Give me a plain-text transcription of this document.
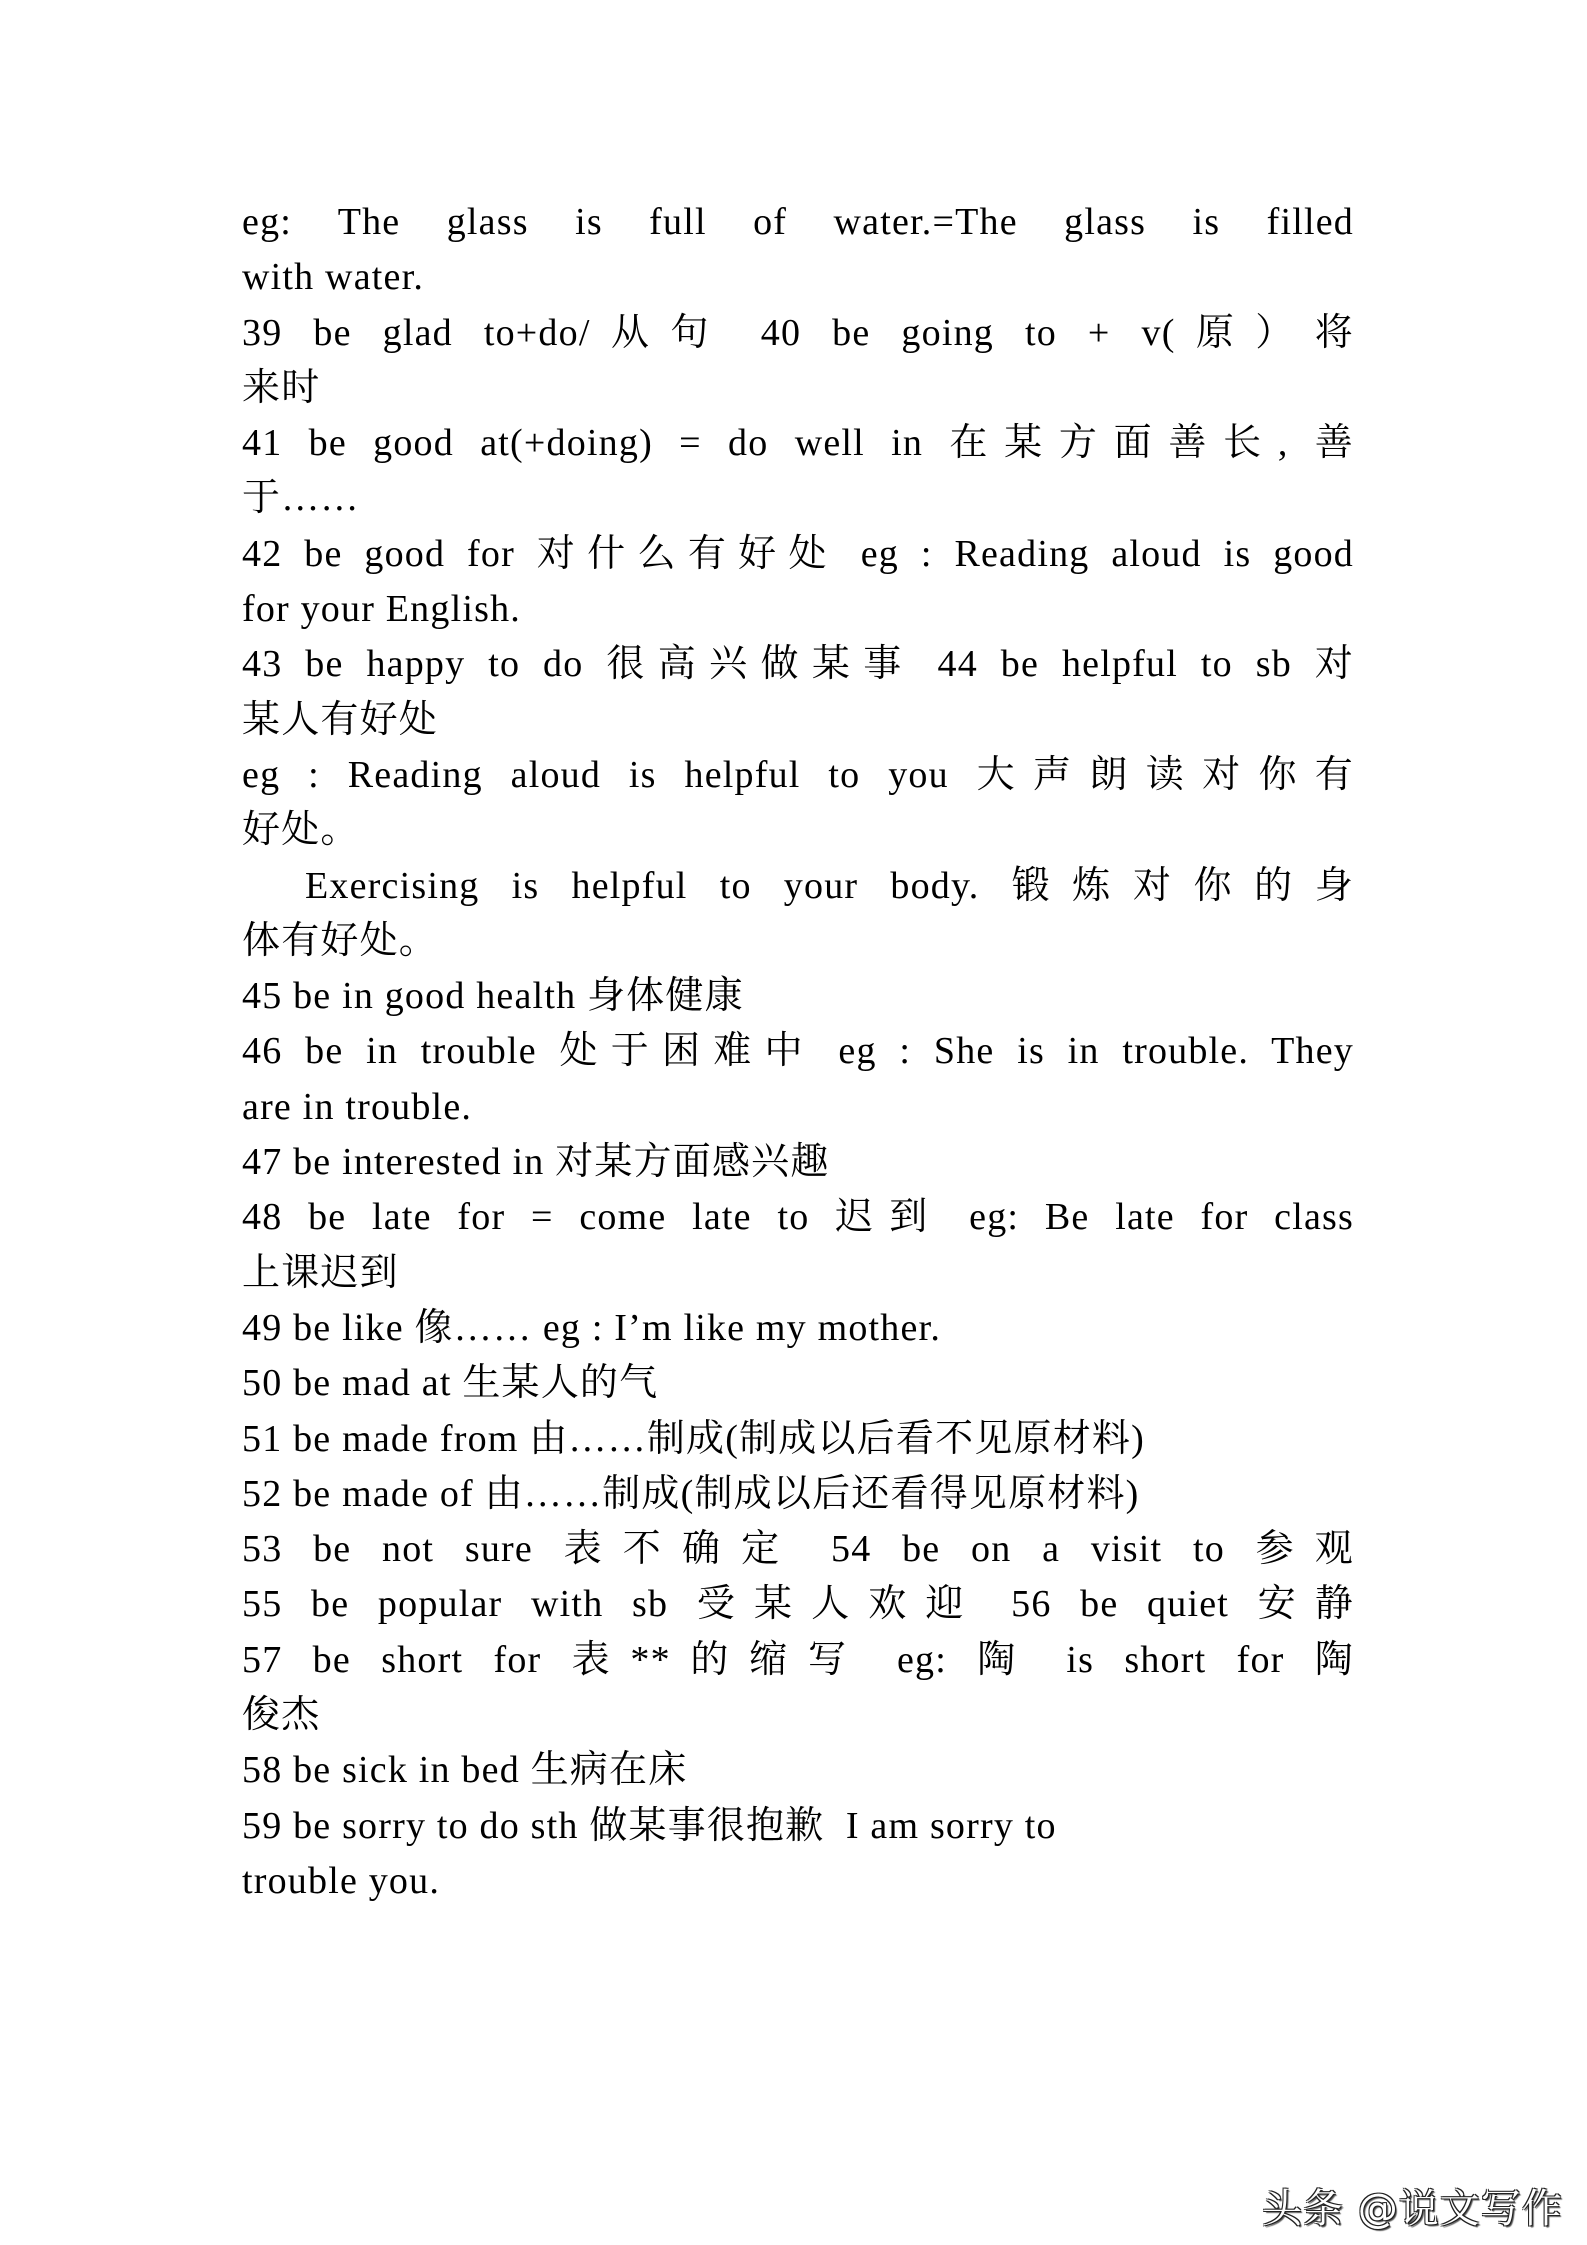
eg: The glass is full of water.=The glass is filled
with water.
39 be glad to+do/从句 40 be going to + v(原）将
来时
41 be good at(+doing) = do well in 在某方面善长, 善
于……
42 be good for 对什么有好处 eg : Reading aloud is good
for your English.
43 be happy to do 很高兴做某事 44 be helpful to sb 对
某人有好处
eg : Reading aloud is helpful to you 大声朗读对你有
好处。
Exercising is helpful to your body. 锻炼对你的身
体有好处。
45 be in good health 身体健康
46 be in trouble 处于困难中 eg : She is in trouble. They
are in trouble.
47 be interested in 对某方面感兴趣
48 be late for = come late to 迟到 eg: Be late for class
上课迟到
49 be like 像…… eg : I’m like my mother.
50 be mad at 生某人的气
51 be made from 由……制成(制成以后看不见原材料)
52 be made of 由……制成(制成以后还看得见原材料)
53 be not sure 表不确定 54 be on a visit to 参观
55 be popular with sb 受某人欢迎 56 be quiet 安静
57 be short for 表**的缩写 eg: 陶 is short for 陶
俊杰
58 be sick in bed 生病在床
59 be sorry to do sth 做某事很抱歉  I am sorry to
trouble you.
头条 @说文写作
